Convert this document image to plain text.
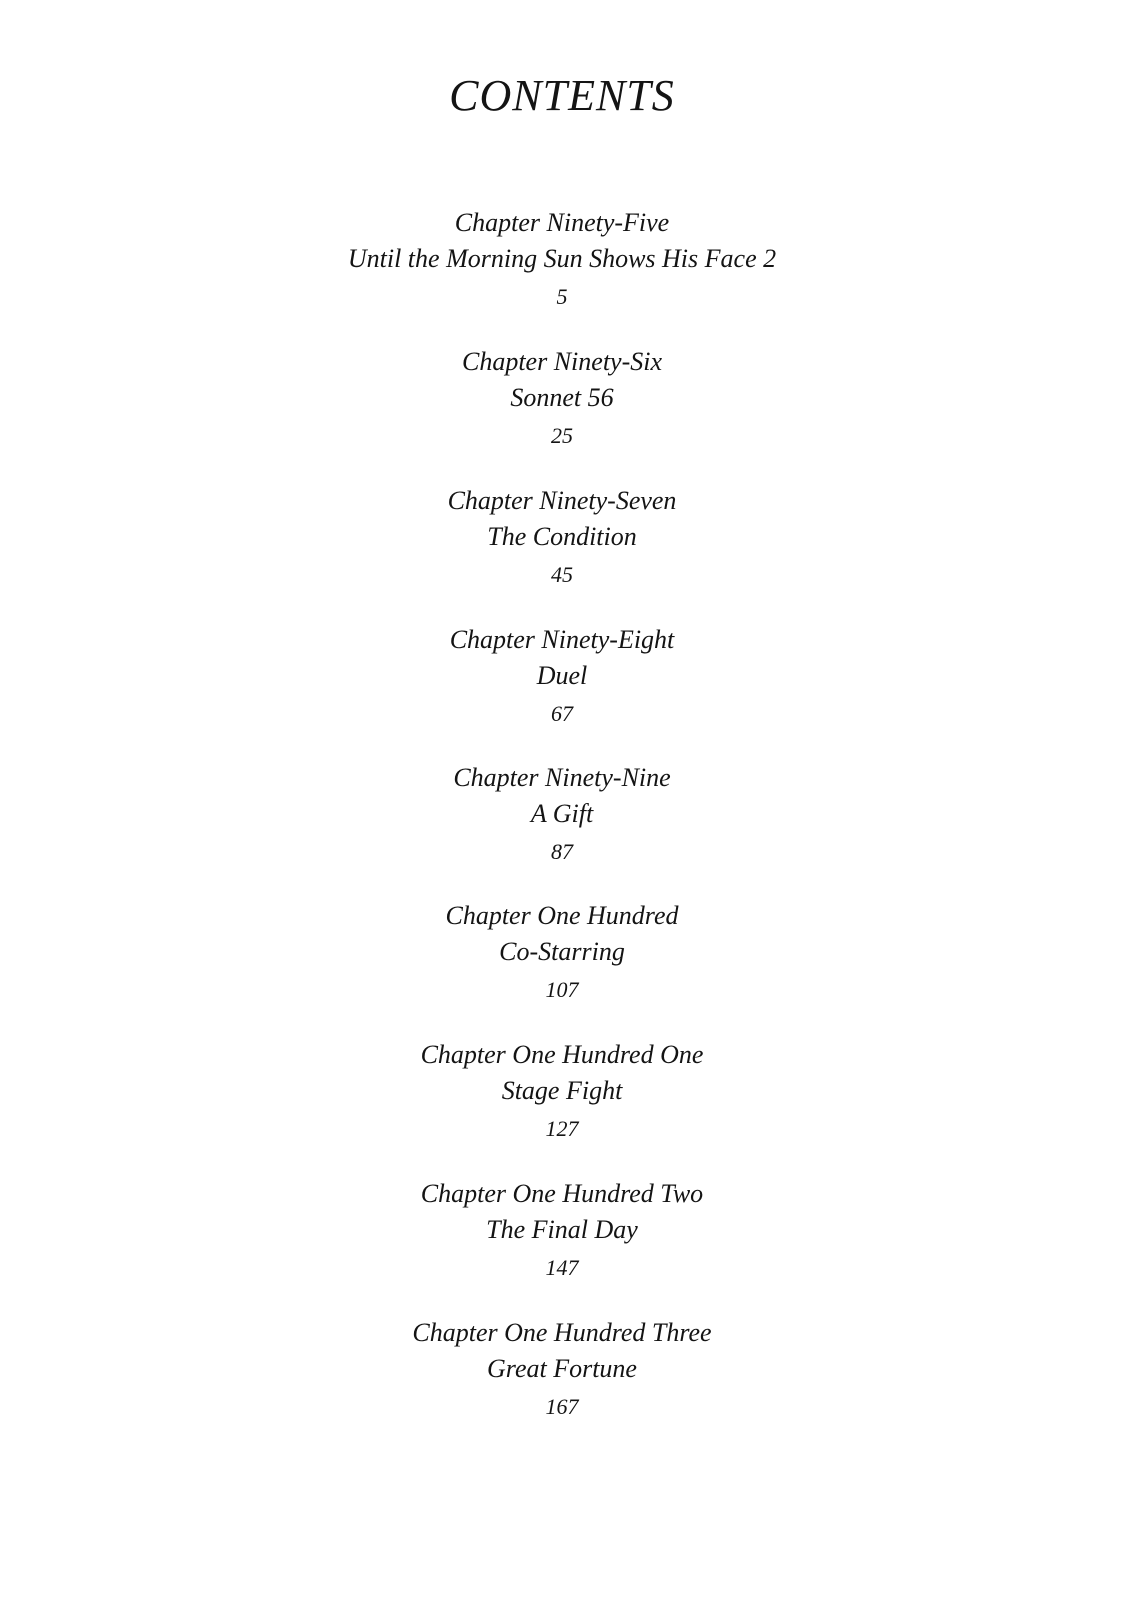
CONTENTS
Chapter Ninety-Five
Until the Morning Sun Shows His Face 2
5
Chapter Ninety-Six
Sonnet 56
25
Chapter Ninety-Seven
The Condition
45
Chapter Ninety-Eight
Duel
67
Chapter Ninety-Nine
A Gift
87
Chapter One Hundred
Co-Starring
107
Chapter One Hundred One
Stage Fight
127
Chapter One Hundred Two
The Final Day
147
Chapter One Hundred Three
Great Fortune
167
